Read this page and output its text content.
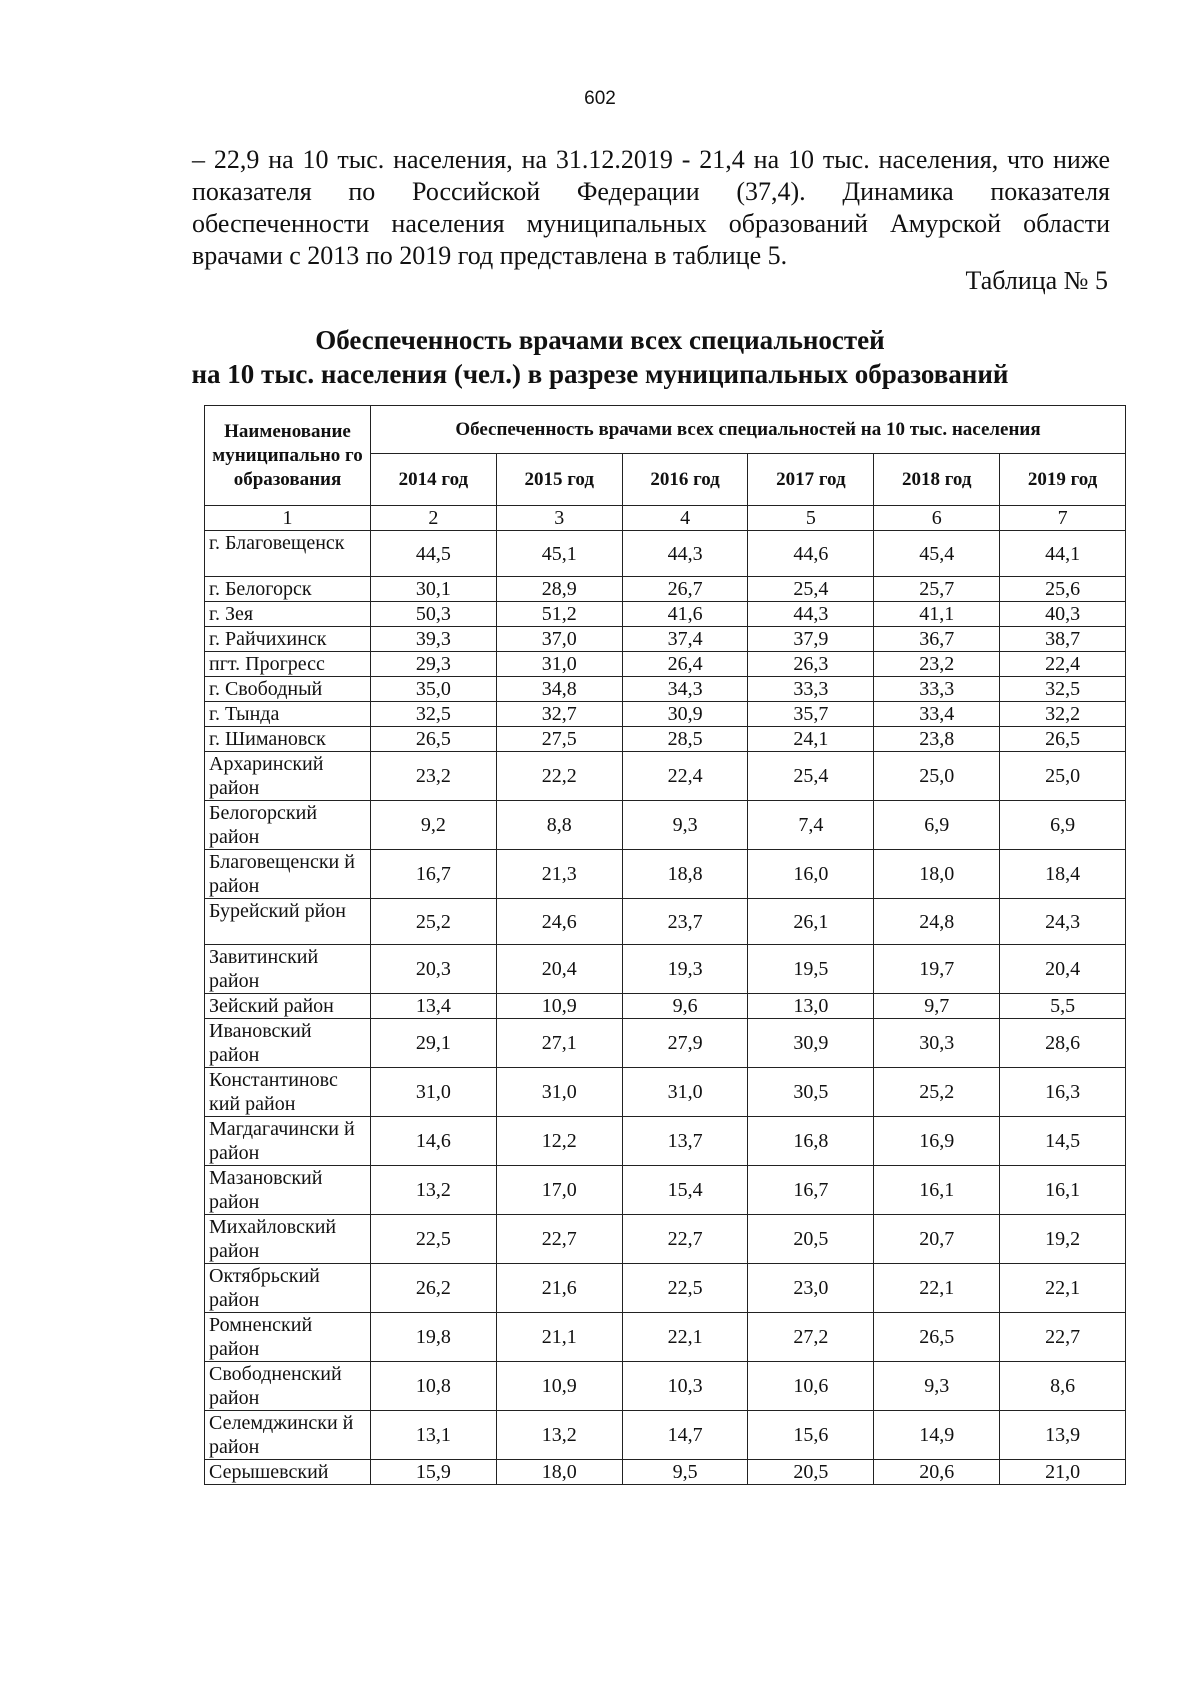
602
– 22,9 на 10 тыс. населения, на 31.12.2019 - 21,4 на 10 тыс. населения, что ниже показателя по Российской Федерации (37,4). Динамика показателя обеспеченности населения муниципальных образований Амурской области врачами с 2013 по 2019 год представлена в таблице 5.
Таблица № 5
Обеспеченность врачами всех специальностей
на 10 тыс. населения (чел.) в разрезе муниципальных образований
Наименование муниципально го образования	Обеспеченность врачами всех специальностей на 10 тыс. населения					
	2014 год	2015 год	2016 год	2017 год	2018 год	2019 год
1	2	3	4	5	6	7
г. Благовещенск	44,5	45,1	44,3	44,6	45,4	44,1
г. Белогорск	30,1	28,9	26,7	25,4	25,7	25,6
г. Зея	50,3	51,2	41,6	44,3	41,1	40,3
г. Райчихинск	39,3	37,0	37,4	37,9	36,7	38,7
пгт. Прогресс	29,3	31,0	26,4	26,3	23,2	22,4
г. Свободный	35,0	34,8	34,3	33,3	33,3	32,5
г. Тында	32,5	32,7	30,9	35,7	33,4	32,2
г. Шимановск	26,5	27,5	28,5	24,1	23,8	26,5
Архаринский район	23,2	22,2	22,4	25,4	25,0	25,0
Белогорский район	9,2	8,8	9,3	7,4	6,9	6,9
Благовещенски й район	16,7	21,3	18,8	16,0	18,0	18,4
Бурейский рйон	25,2	24,6	23,7	26,1	24,8	24,3
Завитинский район	20,3	20,4	19,3	19,5	19,7	20,4
Зейский район	13,4	10,9	9,6	13,0	9,7	5,5
Ивановский район	29,1	27,1	27,9	30,9	30,3	28,6
Константиновс кий район	31,0	31,0	31,0	30,5	25,2	16,3
Магдагачински й район	14,6	12,2	13,7	16,8	16,9	14,5
Мазановский район	13,2	17,0	15,4	16,7	16,1	16,1
Михайловский район	22,5	22,7	22,7	20,5	20,7	19,2
Октябрьский район	26,2	21,6	22,5	23,0	22,1	22,1
Ромненский район	19,8	21,1	22,1	27,2	26,5	22,7
Свободненский район	10,8	10,9	10,3	10,6	9,3	8,6
Селемджински й район	13,1	13,2	14,7	15,6	14,9	13,9
Серышевский	15,9	18,0	9,5	20,5	20,6	21,0
